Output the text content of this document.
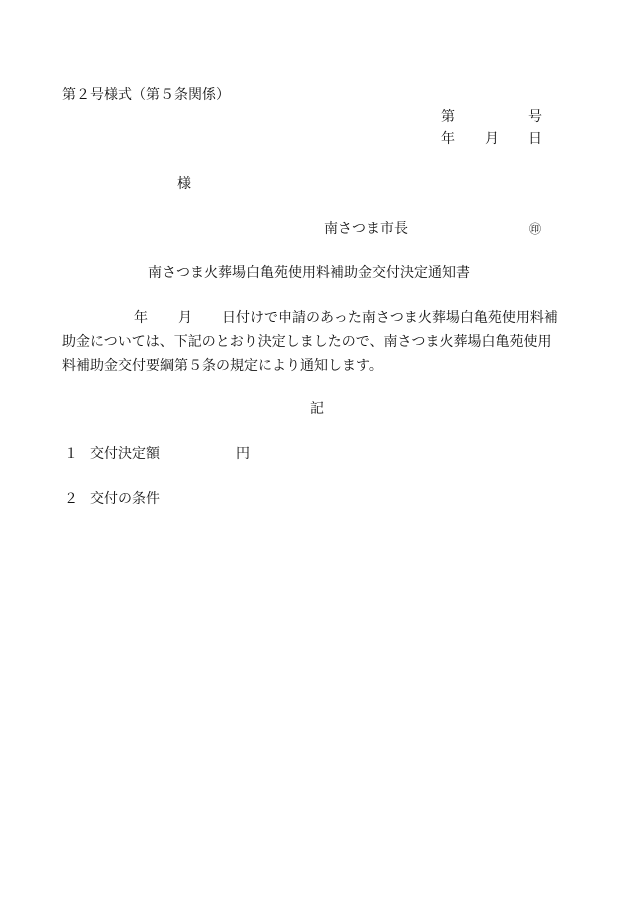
第２号様式（第５条関係）
第	号
年 月 日
様
南さつま市長	㊞
南さつま火葬場白亀苑使用料補助金交付決定通知書
年 月 日付けで申請のあった南さつま火葬場白亀苑使用料補
助金については、下記のとおり決定しましたので、南さつま火葬場白亀苑使用
料補助金交付要綱第５条の規定により通知します。
記
１ 交付決定額	円
２ 交付の条件
